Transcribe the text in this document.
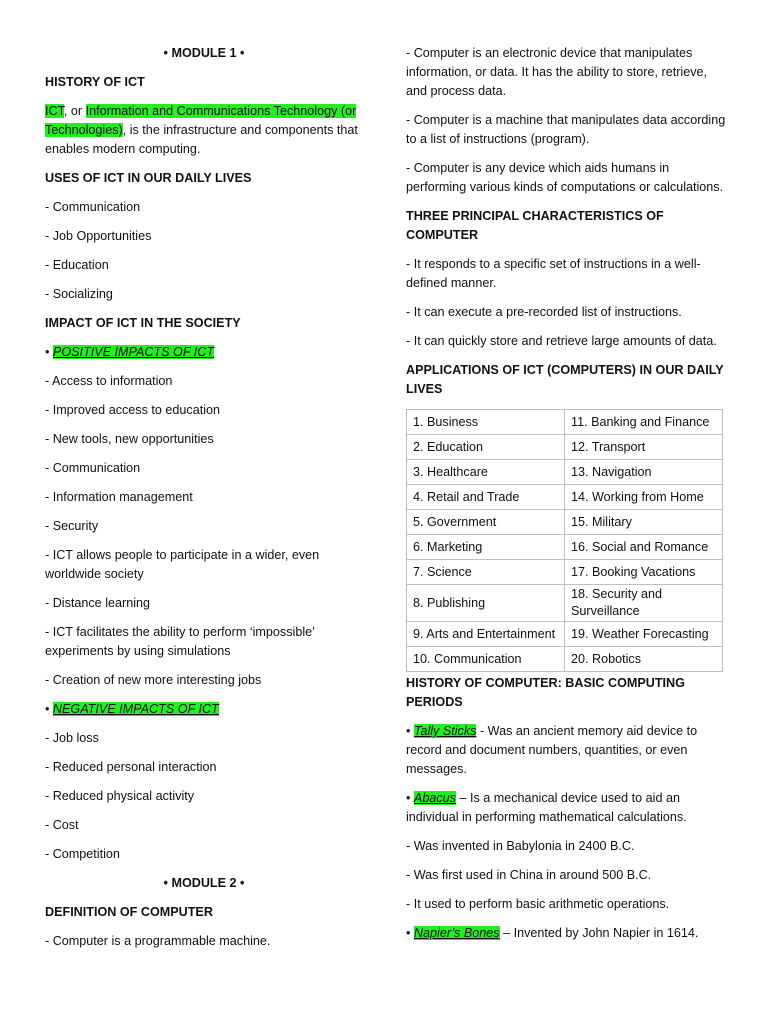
• MODULE 1 •
HISTORY OF ICT
ICT, or Information and Communications Technology (or Technologies), is the infrastructure and components that enables modern computing.
USES OF ICT IN OUR DAILY LIVES
- Communication
- Job Opportunities
- Education
- Socializing
IMPACT OF ICT IN THE SOCIETY
• POSITIVE IMPACTS OF ICT
- Access to information
- Improved access to education
- New tools, new opportunities
- Communication
- Information management
- Security
- ICT allows people to participate in a wider, even worldwide society
- Distance learning
- ICT facilitates the ability to perform ‘impossible’ experiments by using simulations
- Creation of new more interesting jobs
• NEGATIVE IMPACTS OF ICT
- Job loss
- Reduced personal interaction
- Reduced physical activity
- Cost
- Competition
• MODULE 2 •
DEFINITION OF COMPUTER
- Computer is a programmable machine.
- Computer is an electronic device that manipulates information, or data. It has the ability to store, retrieve, and process data.
- Computer is a machine that manipulates data according to a list of instructions (program).
- Computer is any device which aids humans in performing various kinds of computations or calculations.
THREE PRINCIPAL CHARACTERISTICS OF COMPUTER
- It responds to a specific set of instructions in a well-defined manner.
- It can execute a pre-recorded list of instructions.
- It can quickly store and retrieve large amounts of data.
APPLICATIONS OF ICT (COMPUTERS) IN OUR DAILY LIVES
1. Business	11. Banking and Finance
2. Education	12. Transport
3. Healthcare	13. Navigation
4. Retail and Trade	14. Working from Home
5. Government	15. Military
6. Marketing	16. Social and Romance
7. Science	17. Booking Vacations
8. Publishing	18. Security and Surveillance
9. Arts and Entertainment	19. Weather Forecasting
10. Communication	20. Robotics
HISTORY OF COMPUTER: BASIC COMPUTING PERIODS
• Tally Sticks - Was an ancient memory aid device to record and document numbers, quantities, or even messages.
• Abacus – Is a mechanical device used to aid an individual in performing mathematical calculations.
- Was invented in Babylonia in 2400 B.C.
- Was first used in China in around 500 B.C.
- It used to perform basic arithmetic operations.
• Napier’s Bones – Invented by John Napier in 1614.
